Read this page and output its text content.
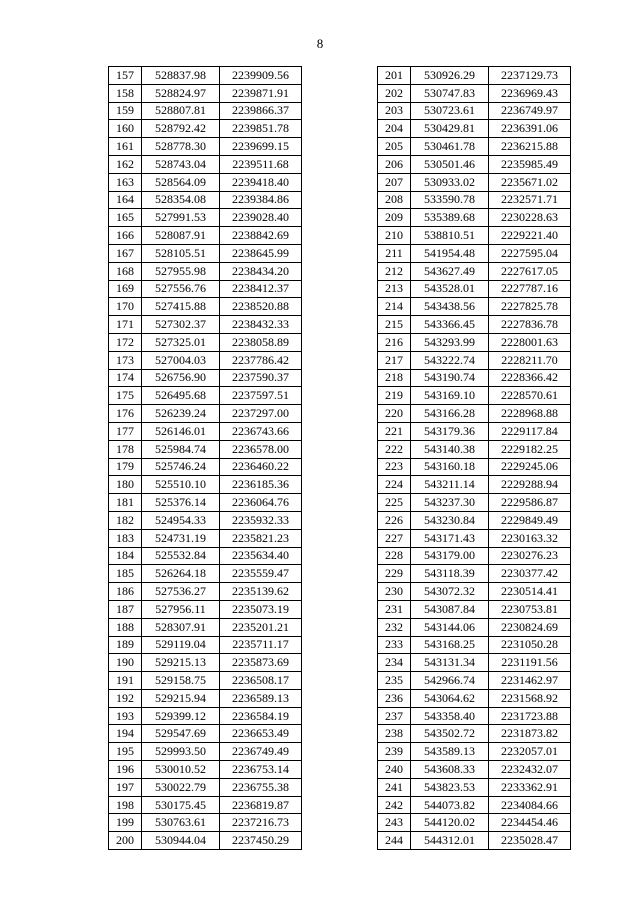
8
157	528837.98	2239909.56
158	528824.97	2239871.91
159	528807.81	2239866.37
160	528792.42	2239851.78
161	528778.30	2239699.15
162	528743.04	2239511.68
163	528564.09	2239418.40
164	528354.08	2239384.86
165	527991.53	2239028.40
166	528087.91	2238842.69
167	528105.51	2238645.99
168	527955.98	2238434.20
169	527556.76	2238412.37
170	527415.88	2238520.88
171	527302.37	2238432.33
172	527325.01	2238058.89
173	527004.03	2237786.42
174	526756.90	2237590.37
175	526495.68	2237597.51
176	526239.24	2237297.00
177	526146.01	2236743.66
178	525984.74	2236578.00
179	525746.24	2236460.22
180	525510.10	2236185.36
181	525376.14	2236064.76
182	524954.33	2235932.33
183	524731.19	2235821.23
184	525532.84	2235634.40
185	526264.18	2235559.47
186	527536.27	2235139.62
187	527956.11	2235073.19
188	528307.91	2235201.21
189	529119.04	2235711.17
190	529215.13	2235873.69
191	529158.75	2236508.17
192	529215.94	2236589.13
193	529399.12	2236584.19
194	529547.69	2236653.49
195	529993.50	2236749.49
196	530010.52	2236753.14
197	530022.79	2236755.38
198	530175.45	2236819.87
199	530763.61	2237216.73
200	530944.04	2237450.29
201	530926.29	2237129.73
202	530747.83	2236969.43
203	530723.61	2236749.97
204	530429.81	2236391.06
205	530461.78	2236215.88
206	530501.46	2235985.49
207	530933.02	2235671.02
208	533590.78	2232571.71
209	535389.68	2230228.63
210	538810.51	2229221.40
211	541954.48	2227595.04
212	543627.49	2227617.05
213	543528.01	2227787.16
214	543438.56	2227825.78
215	543366.45	2227836.78
216	543293.99	2228001.63
217	543222.74	2228211.70
218	543190.74	2228366.42
219	543169.10	2228570.61
220	543166.28	2228968.88
221	543179.36	2229117.84
222	543140.38	2229182.25
223	543160.18	2229245.06
224	543211.14	2229288.94
225	543237.30	2229586.87
226	543230.84	2229849.49
227	543171.43	2230163.32
228	543179.00	2230276.23
229	543118.39	2230377.42
230	543072.32	2230514.41
231	543087.84	2230753.81
232	543144.06	2230824.69
233	543168.25	2231050.28
234	543131.34	2231191.56
235	542966.74	2231462.97
236	543064.62	2231568.92
237	543358.40	2231723.88
238	543502.72	2231873.82
239	543589.13	2232057.01
240	543608.33	2232432.07
241	543823.53	2233362.91
242	544073.82	2234084.66
243	544120.02	2234454.46
244	544312.01	2235028.47
